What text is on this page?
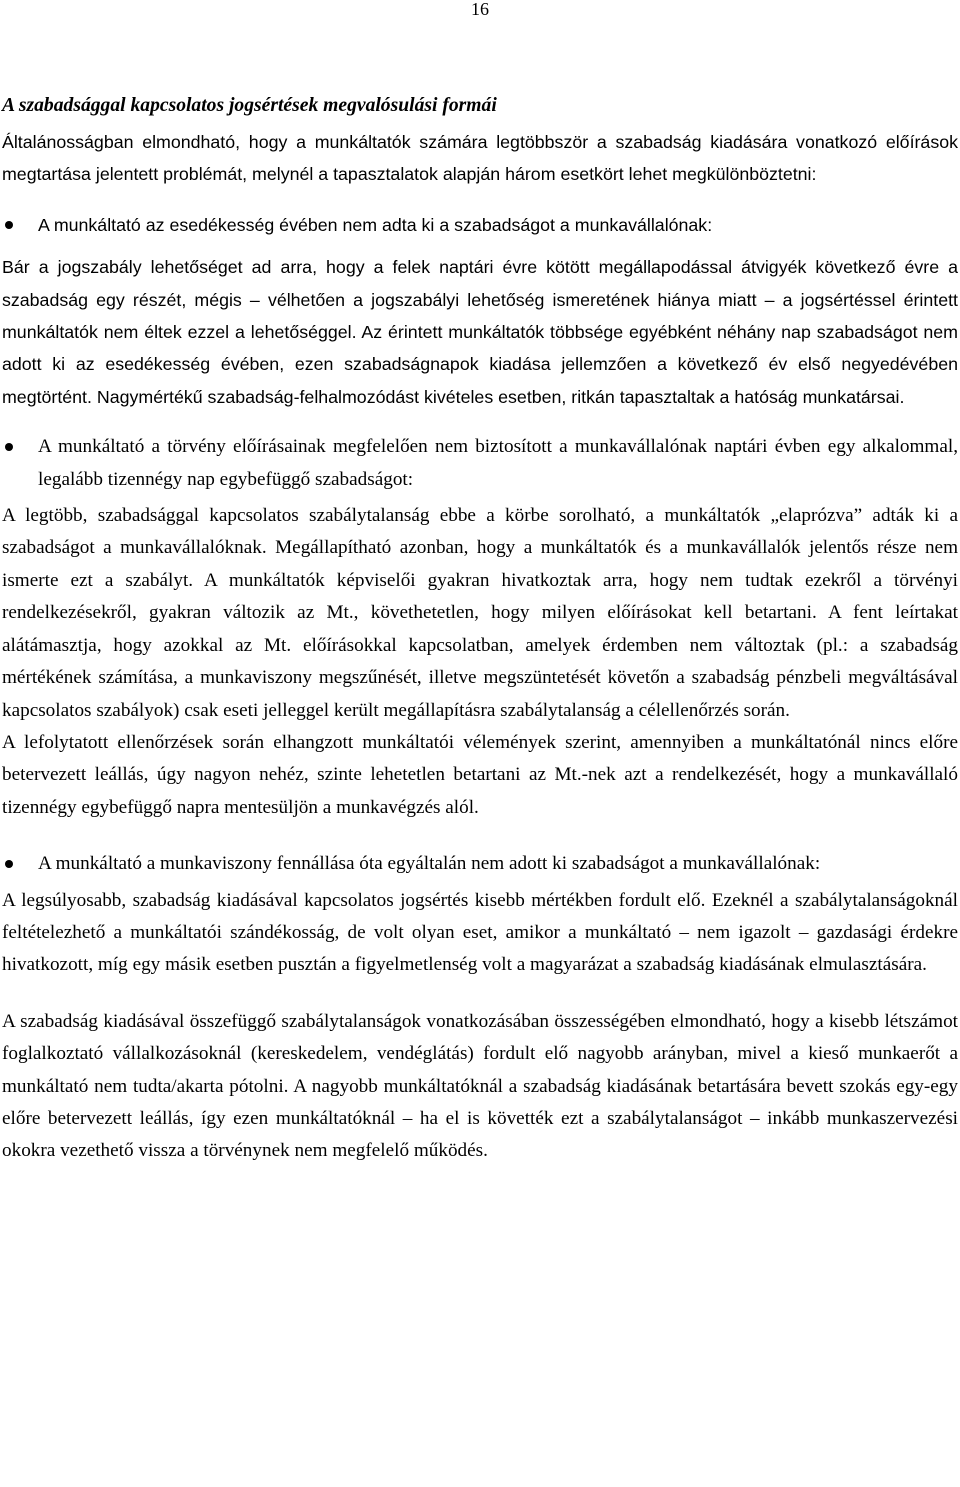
16
A szabadsággal kapcsolatos jogsértések megvalósulási formái

Általánosságban elmondható, hogy a munkáltatók számára legtöbbször a szabadság kiadására vonatkozó előírások megtartása jelentett problémát, melynél a tapasztalatok alapján három esetkört lehet megkülönböztetni:

A munkáltató az esedékesség évében nem adta ki a szabadságot a munkavállalónak:

Bár a jogszabály lehetőséget ad arra, hogy a felek naptári évre kötött megállapodással átvigyék következő évre a szabadság egy részét, mégis – vélhetően a jogszabályi lehetőség ismeretének hiánya miatt – a jogsértéssel érintett munkáltatók nem éltek ezzel a lehetőséggel. Az érintett munkáltatók többsége egyébként néhány nap szabadságot nem adott ki az esedékesség évében, ezen szabadságnapok kiadása jellemzően a következő év első negyedévében megtörtént. Nagymértékű szabadság-felhalmozódást kivételes esetben, ritkán tapasztaltak a hatóság munkatársai.

A munkáltató a törvény előírásainak megfelelően nem biztosított a munkavállalónak naptári évben egy alkalommal, legalább tizennégy nap egybefüggő szabadságot:

A legtöbb, szabadsággal kapcsolatos szabálytalanság ebbe a körbe sorolható, a munkáltatók „elaprózva” adták ki a szabadságot a munkavállalóknak. Megállapítható azonban, hogy a munkáltatók és a munkavállalók jelentős része nem ismerte ezt a szabályt. A munkáltatók képviselői gyakran hivatkoztak arra, hogy nem tudtak ezekről a törvényi rendelkezésekről, gyakran változik az Mt., követhetetlen, hogy milyen előírásokat kell betartani. A fent leírtakat alátámasztja, hogy azokkal az Mt. előírásokkal kapcsolatban, amelyek érdemben nem változtak (pl.: a szabadság mértékének számítása, a munkaviszony megszűnését, illetve megszüntetését követőn a szabadság pénzbeli megváltásával kapcsolatos szabályok) csak eseti jelleggel került megállapításra szabálytalanság a célellenőrzés során.

A lefolytatott ellenőrzések során elhangzott munkáltatói vélemények szerint, amennyiben a munkáltatónál nincs előre betervezett leállás, úgy nagyon nehéz, szinte lehetetlen betartani az Mt.-nek azt a rendelkezését, hogy a munkavállaló tizennégy egybefüggő napra mentesüljön a munkavégzés alól.

A munkáltató a munkaviszony fennállása óta egyáltalán nem adott ki szabadságot a munkavállalónak:

A legsúlyosabb, szabadság kiadásával kapcsolatos jogsértés kisebb mértékben fordult elő. Ezeknél a szabálytalanságoknál feltételezhető a munkáltatói szándékosság, de volt olyan eset, amikor a munkáltató – nem igazolt – gazdasági érdekre hivatkozott, míg egy másik esetben pusztán a figyelmetlenség volt a magyarázat a szabadság kiadásának elmulasztására.

A szabadság kiadásával összefüggő szabálytalanságok vonatkozásában összességében elmondható, hogy a kisebb létszámot foglalkoztató vállalkozásoknál (kereskedelem, vendéglátás) fordult elő nagyobb arányban, mivel a kieső munkaerőt a munkáltató nem tudta/akarta pótolni. A nagyobb munkáltatóknál a szabadság kiadásának betartására bevett szokás egy-egy előre betervezett leállás, így ezen munkáltatóknál – ha el is követték ezt a szabálytalanságot – inkább munkaszervezési okokra vezethető vissza a törvénynek nem megfelelő működés.
